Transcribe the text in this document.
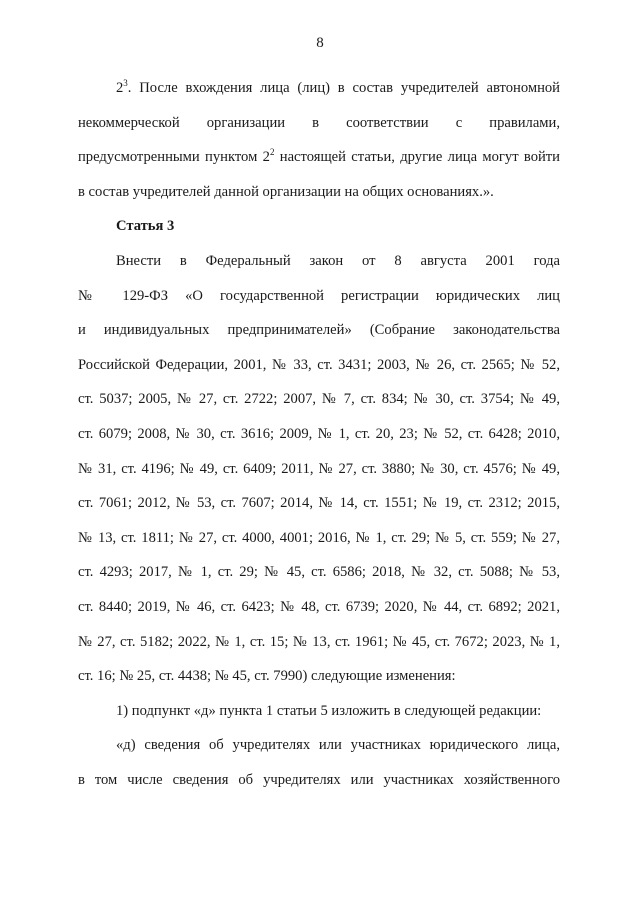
8
$2^3$. После вхождения лица (лиц) в состав учредителей автономной
некоммерческой организации в соответствии с правилами,
предусмотренными пунктом $2^2$ настоящей статьи, другие лица могут войти
в состав учредителей данной организации на общих основаниях.».
Статья 3
Внести в Федеральный закон от 8 августа 2001 года
№ 129-ФЗ «О государственной регистрации юридических лиц
и индивидуальных предпринимателей» (Собрание законодательства
Российской Федерации, 2001, № 33, ст. 3431; 2003, № 26, ст. 2565; № 52,
ст. 5037; 2005, № 27, ст. 2722; 2007, № 7, ст. 834; № 30, ст. 3754; № 49,
ст. 6079; 2008, № 30, ст. 3616; 2009, № 1, ст. 20, 23; № 52, ст. 6428; 2010,
№ 31, ст. 4196; № 49, ст. 6409; 2011, № 27, ст. 3880; № 30, ст. 4576; № 49,
ст. 7061; 2012, № 53, ст. 7607; 2014, № 14, ст. 1551; № 19, ст. 2312; 2015,
№ 13, ст. 1811; № 27, ст. 4000, 4001; 2016, № 1, ст. 29; № 5, ст. 559; № 27,
ст. 4293; 2017, № 1, ст. 29; № 45, ст. 6586; 2018, № 32, ст. 5088; № 53,
ст. 8440; 2019, № 46, ст. 6423; № 48, ст. 6739; 2020, № 44, ст. 6892; 2021,
№ 27, ст. 5182; 2022, № 1, ст. 15; № 13, ст. 1961; № 45, ст. 7672; 2023, № 1,
ст. 16; № 25, ст. 4438; № 45, ст. 7990) следующие изменения:
1) подпункт «д» пункта 1 статьи 5 изложить в следующей редакции:
«д) сведения об учредителях или участниках юридического лица,
в том числе сведения об учредителях или участниках хозяйственного
